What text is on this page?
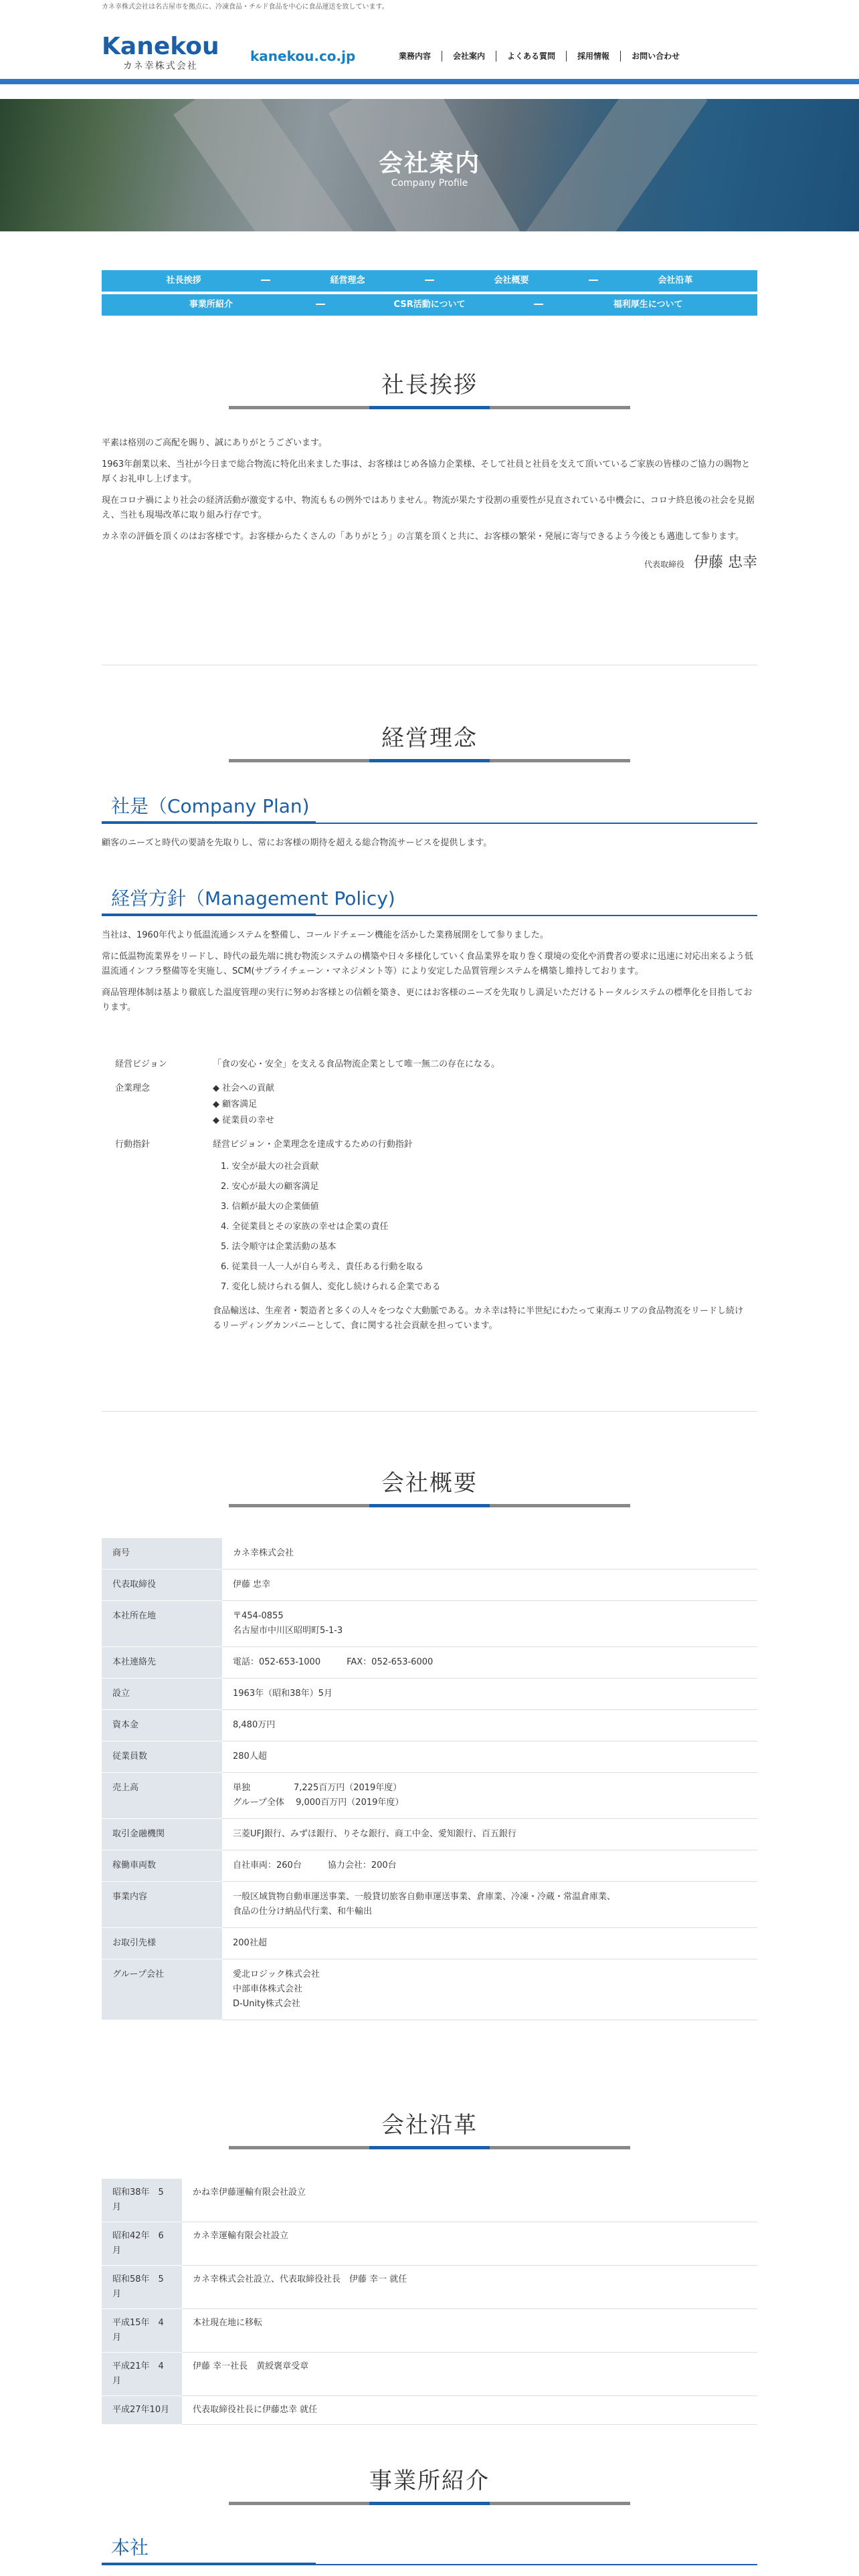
カネ幸株式会社は名古屋市を拠点に、冷凍食品・チルド食品を中心に食品運送を致しています。
Kanekou
カネ幸株式会社
kanekou.co.jp	業務内容	会社案内	よくある質問	採用情報	お問い合わせ
会社案内
Company Profile
社長挨拶	経営理念	会社概要	会社沿革
事業所紹介	CSR活動について	福利厚生について
社長挨拶

平素は格別のご高配を賜り、誠にありがとうございます。

1963年創業以来、当社が今日まで総合物流に特化出来ました事は、お客様はじめ各協力企業様、そして社員と社員を支えて頂いているご家族の皆様のご協力の賜物と厚くお礼申し上げます。

現在コロナ禍により社会の経済活動が激変する中、物流ももの例外ではありません。物流が果たす役割の重要性が見直されている中機会に、コロナ終息後の社会を見据え、当社も現場改革に取り組み行存です。

カネ幸の評価を頂くのはお客様です。お客様からたくさんの「ありがとう」の言葉を頂くと共に、お客様の繁栄・発展に寄与できるよう今後とも邁進して参ります。

代表取締役 伊藤 忠幸
経営理念
社是（Company Plan)

顧客のニーズと時代の要請を先取りし、常にお客様の期待を超える総合物流サービスを提供します。

経営方針（Management Policy)

当社は、1960年代より低温流通システムを整備し、コールドチェーン機能を活かした業務展開をして参りました。

常に低温物流業界をリードし、時代の最先端に挑む物流システムの構築や日々多様化していく食品業界を取り巻く環境の変化や消費者の要求に迅速に対応出来るよう低温流通インフラ整備等を実施し、SCM(サプライチェーン・マネジメント等）により安定した品質管理システムを構築し維持しております。

商品管理体制は基より徹底した温度管理の実行に努めお客様との信頼を築き、更にはお客様のニーズを先取りし満足いただけるトータルシステムの標準化を目指しております。

経営ビジョン	「食の安心・安全」を支える食品物流企業として唯一無二の存在になる。
企業理念	◆ 社会への貢献
◆ 顧客満足
◆ 従業員の幸せ
行動指針	経営ビジョン・企業理念を達成するための行動指針
1. 安全が最大の社会貢献
2. 安心が最大の顧客満足
3. 信頼が最大の企業価値
4. 全従業員とその家族の幸せは企業の責任
5. 法令順守は企業活動の基本
6. 従業員一人一人が自ら考え、責任ある行動を取る
7. 変化し続けられる個人、変化し続けられる企業である
食品輸送は、生産者・製造者と多くの人々をつなぐ大動脈である。カネ幸は特に半世紀にわたって東海エリアの食品物流をリードし続けるリーディングカンパニーとして、食に関する社会貢献を担っています。
会社概要
商号	カネ幸株式会社
代表取締役	伊藤 忠幸
本社所在地	〒454-0855
名古屋市中川区昭明町5-1-3

本社連絡先	電話：052-653-1000　　　FAX：052-653-6000
設立	1963年（昭和38年）5月
資本金	8,480万円
従業員数	280人超
売上高	単独　　　　　7,225百万円（2019年度）
グループ全体　 9,000百万円（2019年度）

取引金融機関	三菱UFJ銀行、みずほ銀行、りそな銀行、商工中金、愛知銀行、百五銀行
稼働車両数	自社車両：260台　　　協力会社：200台
事業内容	一般区域貨物自動車運送事業、一般貸切旅客自動車運送事業、倉庫業、冷凍・冷蔵・常温倉庫業、
食品の仕分け納品代行業、和牛輸出

お取引先様	200社超
グループ会社	愛北ロジック株式会社
中部車体株式会社
D-Unity株式会社
会社沿革
昭和38年　5月	かね幸伊藤運輸有限会社設立
昭和42年　6月	カネ幸運輸有限会社設立
昭和58年　5月	カネ幸株式会社設立、代表取締役社長　伊藤 幸一 就任
平成15年　4月	本社現在地に移転
平成21年　4月	伊藤 幸一社長　黄綬褒章受章
平成27年10月	代表取締役社長に伊藤忠幸 就任
事業所紹介
本社
